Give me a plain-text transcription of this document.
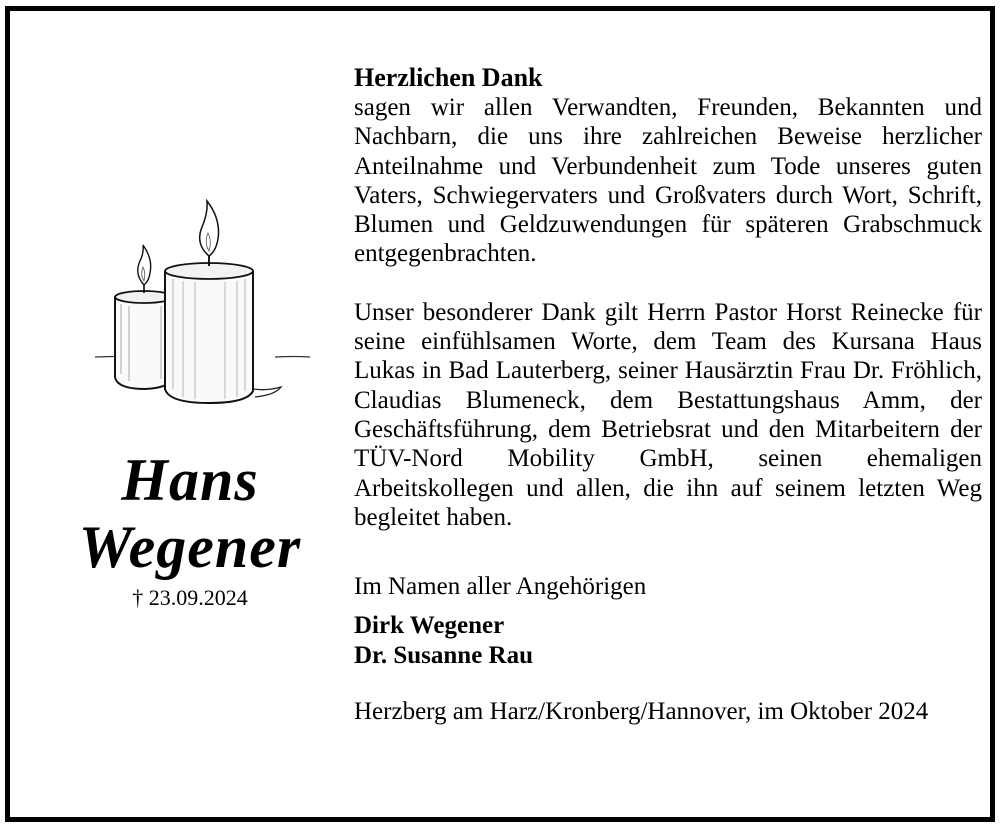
Hans
Wegener
† 23.09.2024

Herzlichen Dank

sagen wir allen Verwandten, Freunden, Bekannten und Nachbarn, die uns ihre zahlreichen Beweise herzlicher Anteilnahme und Verbundenheit zum Tode unseres guten Vaters, Schwiegervaters und Großvaters durch Wort, Schrift, Blumen und Geldzuwendungen für späteren Grabschmuck entgegenbrachten.

Unser besonderer Dank gilt Herrn Pastor Horst Reinecke für seine einfühlsamen Worte, dem Team des Kursana Haus Lukas in Bad Lauterberg, seiner Hausärztin Frau Dr. Fröhlich, Claudias Blumeneck, dem Bestattungshaus Amm, der Geschäftsführung, dem Betriebsrat und den Mitarbeitern der TÜV-Nord Mobility GmbH, seinen ehemaligen Arbeitskollegen und allen, die ihn auf seinem letzten Weg begleitet haben.

Im Namen aller Angehörigen
Dirk Wegener
Dr. Susanne Rau
Herzberg am Harz/Kronberg/Hannover, im Oktober 2024
